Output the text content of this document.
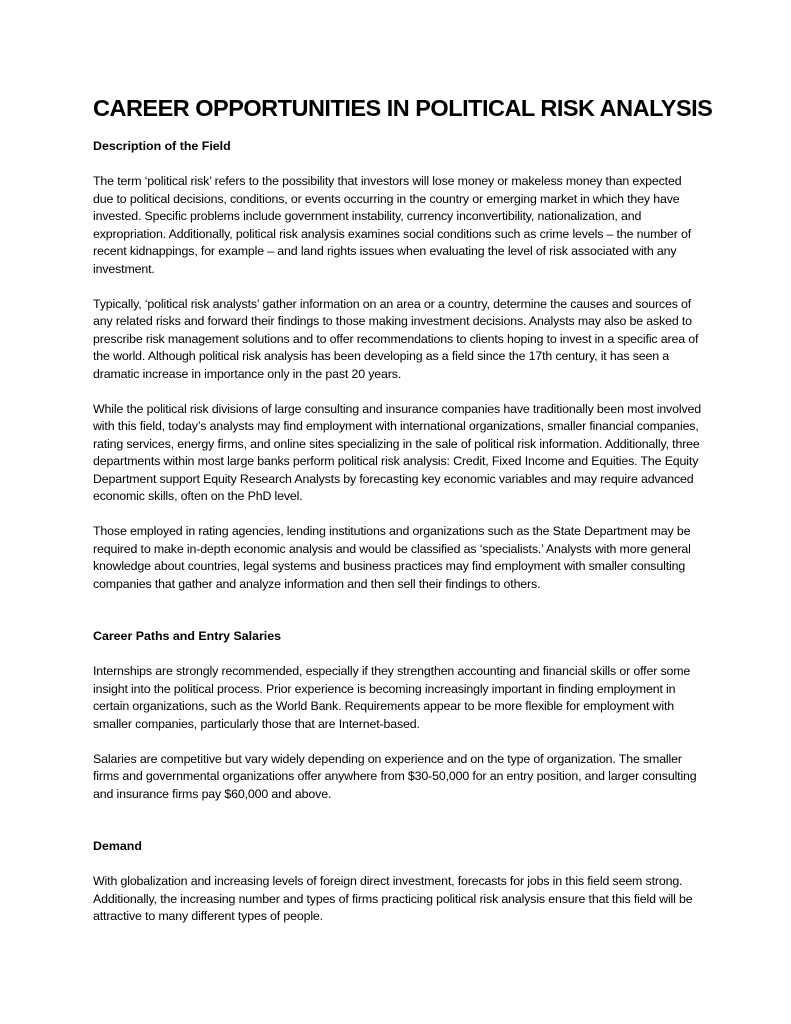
CAREER OPPORTUNITIES IN POLITICAL RISK ANALYSIS
Description of the Field

The term ‘political risk’ refers to the possibility that investors will lose money or makeless money than expected due to political decisions, conditions, or events occurring in the country or emerging market in which they have invested. Specific problems include government instability, currency inconvertibility, nationalization, and expropriation. Additionally, political risk analysis examines social conditions such as crime levels – the number of recent kidnappings, for example – and land rights issues when evaluating the level of risk associated with any investment.

Typically, ‘political risk analysts’ gather information on an area or a country, determine the causes and sources of any related risks and forward their findings to those making investment decisions. Analysts may also be asked to prescribe risk management solutions and to offer recommendations to clients hoping to invest in a specific area of the world. Although political risk analysis has been developing as a field since the 17th century, it has seen a dramatic increase in importance only in the past 20 years.

While the political risk divisions of large consulting and insurance companies have traditionally been most involved with this field, today’s analysts may find employment with international organizations, smaller financial companies, rating services, energy firms, and online sites specializing in the sale of political risk information. Additionally, three departments within most large banks perform political risk analysis: Credit, Fixed Income and Equities. The Equity Department support Equity Research Analysts by forecasting key economic variables and may require advanced economic skills, often on the PhD level.

Those employed in rating agencies, lending institutions and organizations such as the State Department may be required to make in-depth economic analysis and would be classified as ‘specialists.’ Analysts with more general knowledge about countries, legal systems and business practices may find employment with smaller consulting companies that gather and analyze information and then sell their findings to others.

Career Paths and Entry Salaries

Internships are strongly recommended, especially if they strengthen accounting and financial skills or offer some insight into the political process. Prior experience is becoming increasingly important in finding employment in certain organizations, such as the World Bank. Requirements appear to be more flexible for employment with smaller companies, particularly those that are Internet-based.

Salaries are competitive but vary widely depending on experience and on the type of organization. The smaller firms and governmental organizations offer anywhere from $30-50,000 for an entry position, and larger consulting and insurance firms pay $60,000 and above.

Demand

With globalization and increasing levels of foreign direct investment, forecasts for jobs in this field seem strong. Additionally, the increasing number and types of firms practicing political risk analysis ensure that this field will be attractive to many different types of people.
